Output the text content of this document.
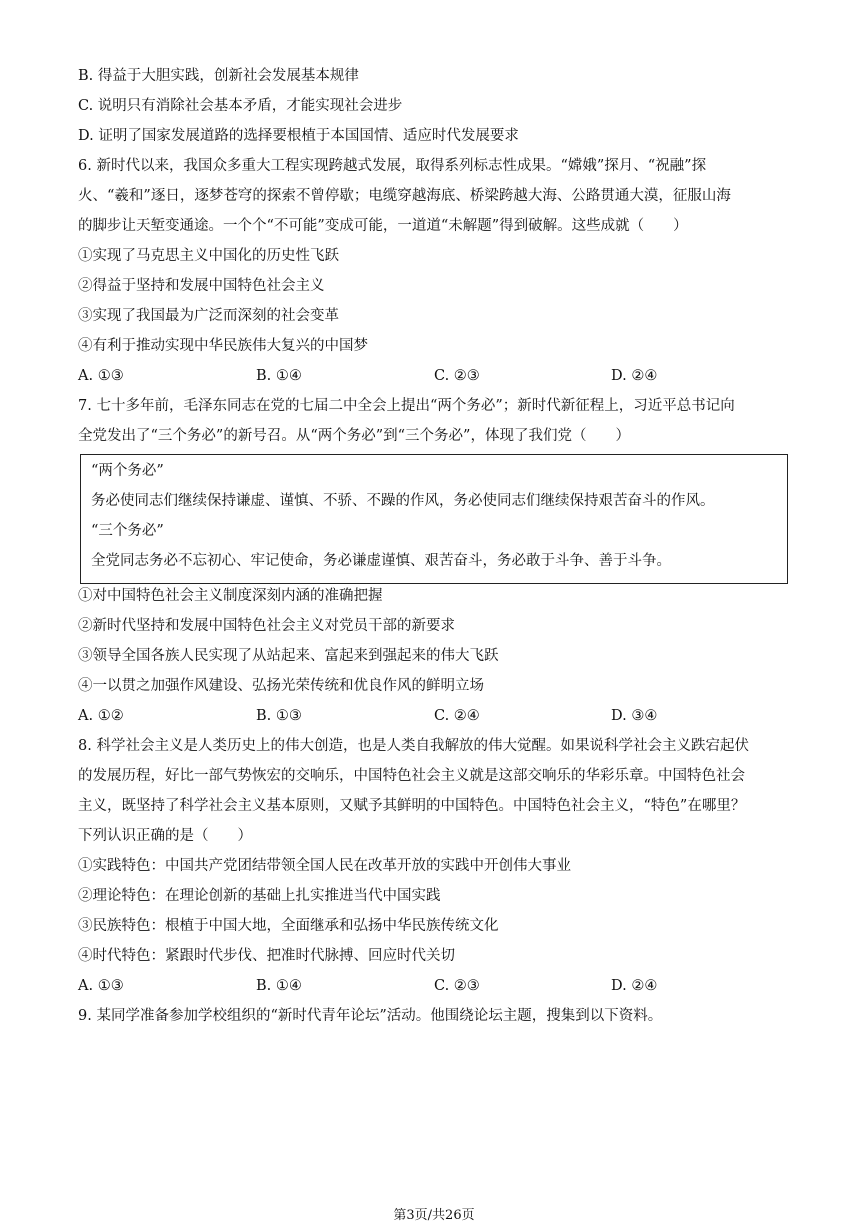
B. 得益于大胆实践，创新社会发展基本规律
C. 说明只有消除社会基本矛盾，才能实现社会进步
D. 证明了国家发展道路的选择要根植于本国国情、适应时代发展要求
6. 新时代以来，我国众多重大工程实现跨越式发展，取得系列标志性成果。“嫦娥”探月、“祝融”探
火、“羲和”逐日，逐梦苍穹的探索不曾停歇；电缆穿越海底、桥梁跨越大海、公路贯通大漠，征服山海
的脚步让天堑变通途。一个个“不可能”变成可能，一道道“未解题”得到破解。这些成就（　　）
①实现了马克思主义中国化的历史性飞跃
②得益于坚持和发展中国特色社会主义
③实现了我国最为广泛而深刻的社会变革
④有利于推动实现中华民族伟大复兴的中国梦
A. ①③	B. ①④	C. ②③	D. ②④
7. 七十多年前，毛泽东同志在党的七届二中全会上提出“两个务必”；新时代新征程上，习近平总书记向
全党发出了“三个务必”的新号召。从“两个务必”到“三个务必”，体现了我们党（　　）
“两个务必”
务必使同志们继续保持谦虚、谨慎、不骄、不躁的作风，务必使同志们继续保持艰苦奋斗的作风。
“三个务必”
全党同志务必不忘初心、牢记使命，务必谦虚谨慎、艰苦奋斗，务必敢于斗争、善于斗争。
①对中国特色社会主义制度深刻内涵的准确把握
②新时代坚持和发展中国特色社会主义对党员干部的新要求
③领导全国各族人民实现了从站起来、富起来到强起来的伟大飞跃
④一以贯之加强作风建设、弘扬光荣传统和优良作风的鲜明立场
A. ①②	B. ①③	C. ②④	D. ③④
8. 科学社会主义是人类历史上的伟大创造，也是人类自我解放的伟大觉醒。如果说科学社会主义跌宕起伏
的发展历程，好比一部气势恢宏的交响乐，中国特色社会主义就是这部交响乐的华彩乐章。中国特色社会
主义，既坚持了科学社会主义基本原则，又赋予其鲜明的中国特色。中国特色社会主义，“特色”在哪里？
下列认识正确的是（　　）
①实践特色：中国共产党团结带领全国人民在改革开放的实践中开创伟大事业
②理论特色：在理论创新的基础上扎实推进当代中国实践
③民族特色：根植于中国大地，全面继承和弘扬中华民族传统文化
④时代特色：紧跟时代步伐、把准时代脉搏、回应时代关切
A. ①③	B. ①④	C. ②③	D. ②④
9. 某同学准备参加学校组织的“新时代青年论坛”活动。他围绕论坛主题，搜集到以下资料。
第3页/共26页
